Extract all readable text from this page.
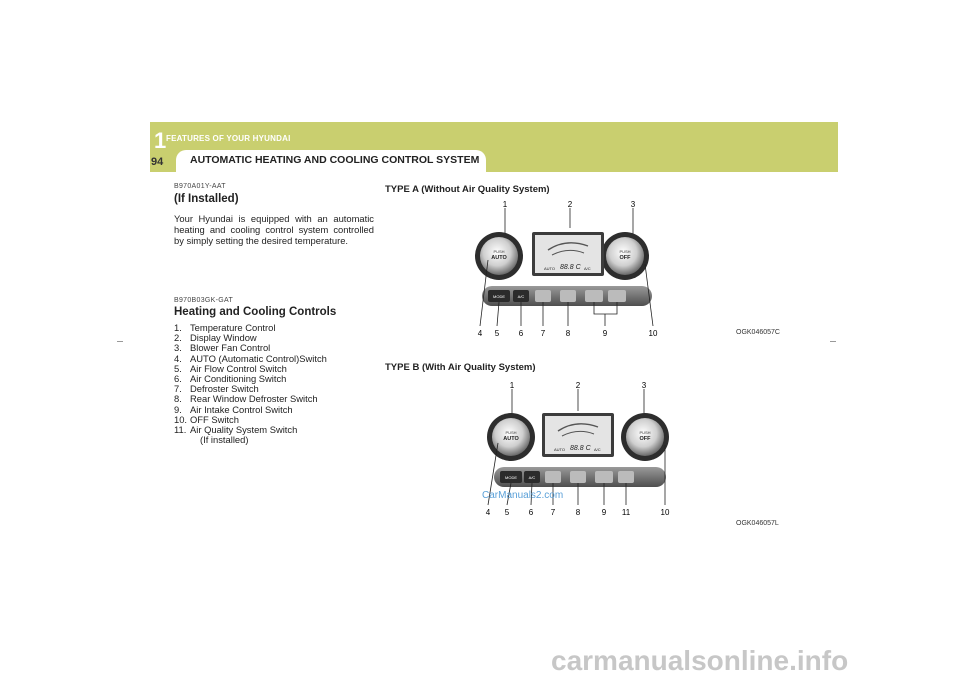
1 FEATURES OF YOUR HYUNDAI
94	AUTOMATIC HEATING AND COOLING CONTROL SYSTEM
B970A01Y-AAT
(If Installed)
Your Hyundai is equipped with an automatic heating and cooling control system controlled by simply setting the desired temperature.
B970B03GK-GAT
Heating and Cooling Controls
1. Temperature Control
2. Display Window
3. Blower Fan Control
4. AUTO (Automatic Control)Switch
5. Air Flow Control Switch
6. Air Conditioning Switch
7. Defroster Switch
8. Rear Window Defroster Switch
9. Air Intake Control Switch
10. OFF Switch
11. Air Quality System Switch
(If installed)
TYPE A (Without Air Quality System)
OGK046057C
PUSH
AUTO
PUSH
OFF
AUTO 88.8 C A/C
MODE	A/C
1	2	3
4 5 6 7	8	9	10
TYPE B (With Air Quality System)
OGK046057L
PUSH
AUTO
PUSH
OFF
AUTO 88.8 C A/C
MODE	A/C
1	2	3
4 5 6 7	8	9 11	10
CarManuals2.com
carmanualsonline.info
